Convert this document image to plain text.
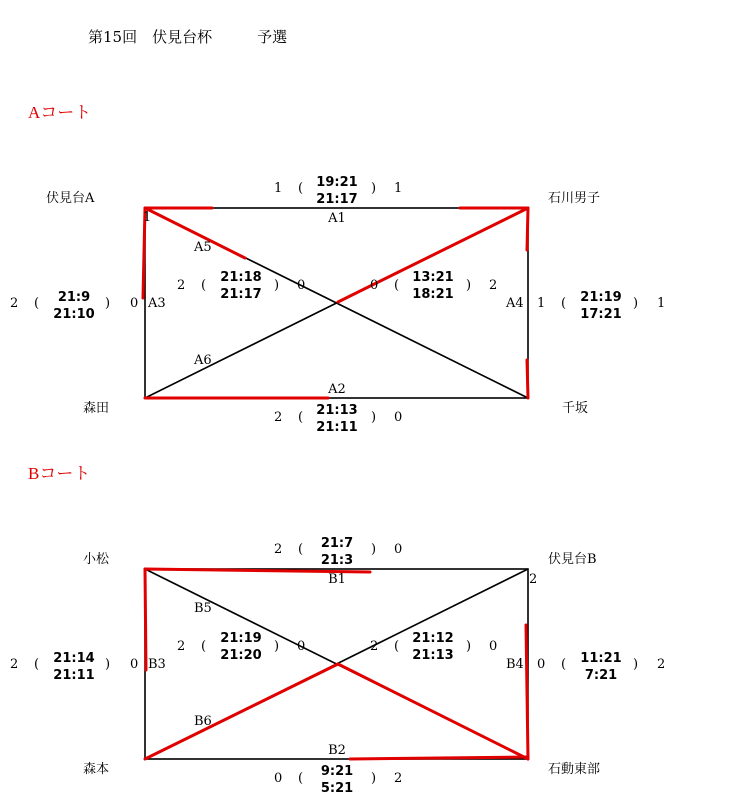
第15回　伏見台杯　　　予選
Aコート
伏見台A	石川男子
森田	千坂
1
1 ( 19:21
21:17
) 1
A1
A2
2 ( 21:13
21:11
) 0
2 (	21:9
21:10
) 0 A3	A4 1 ( 21:19
17:21
) 1
A5
2 (
21:18
21:17
) 0
A6
0 (
13:21
18:21
) 2
Bコート
小松	伏見台B
森本	石動東部
2
2 ( 21:7
21:3
) 0
B1
B2
0 ( 9:21
5:21
) 2
2 ( 21:14
21:11
) 0 B3	B4 0 ( 11:21
7:21
) 2
B5
2 (
21:19
21:20
) 0
B6
2 (
21:12
21:13
) 0
